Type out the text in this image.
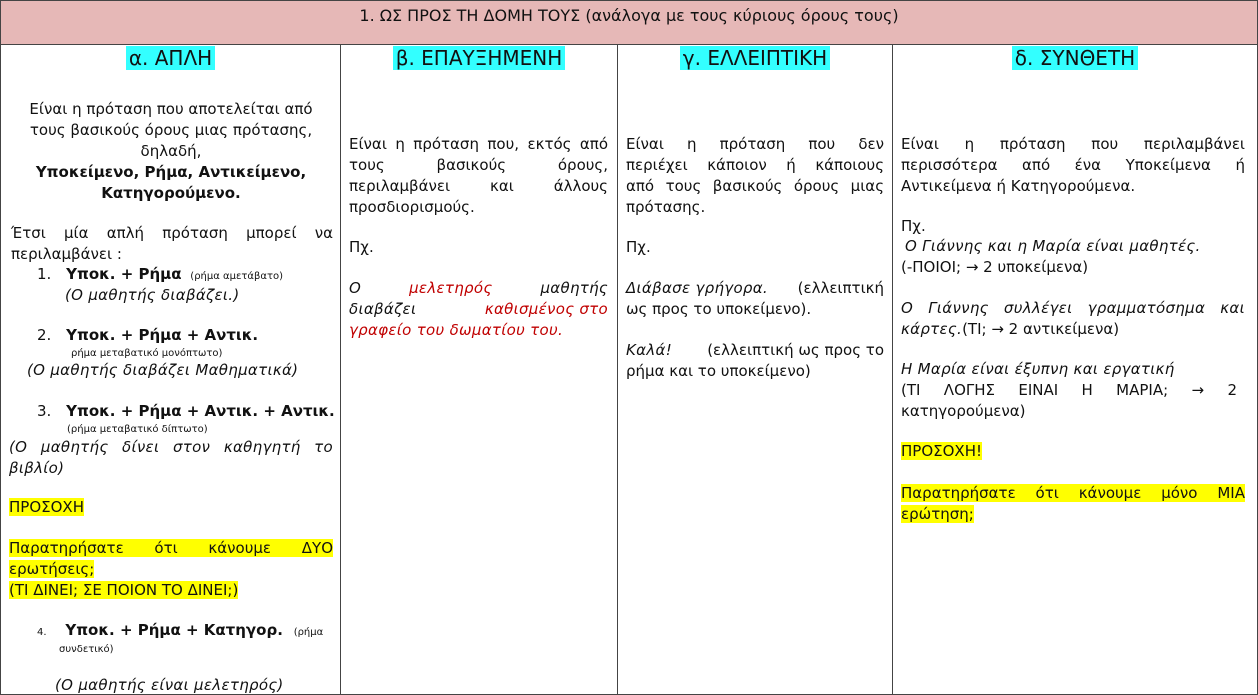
1. ΩΣ ΠΡΟΣ ΤΗ ΔΟΜΗ ΤΟΥΣ (ανάλογα με τους κύριους όρους τους)
α. ΑΠΛΗ
Είναι η πρόταση που αποτελείται από
τους βασικούς όρους μιας πρότασης,
δηλαδή,
Υποκείμενο, Ρήμα, Αντικείμενο,
Κατηγορούμενο.
Έτσι μία απλή πρόταση μπορεί να
περιλαμβάνει :
1. Υποκ. + Ρήμα (ρήμα αμετάβατο)
(Ο μαθητής διαβάζει.)
2. Υποκ. + Ρήμα + Αντικ.
ρήμα μεταβατικό μονόπτωτο)
(Ο μαθητής διαβάζει Μαθηματικά)
3. Υποκ. + Ρήμα + Αντικ. + Αντικ.
(ρήμα μεταβατικό δίπτωτο)
(Ο μαθητής δίνει στον καθηγητή το
βιβλίο)
ΠΡΟΣΟΧΗ
Παρατηρήσατε ότι κάνουμε ΔΥΟ
ερωτήσεις;
(ΤΙ ΔΙΝΕΙ; ΣΕ ΠΟΙΟΝ ΤΟ ΔΙΝΕΙ;)
4. Υποκ. + Ρήμα + Κατηγορ. (ρήμα
συνδετικό)
(Ο μαθητής είναι μελετηρός)
β. ΕΠΑΥΞΗΜΕΝΗ
Είναι η πρόταση που, εκτός από
τους βασικούς όρους,
περιλαμβάνει και άλλους
προσδιορισμούς.
Πχ.
Ο	μελετηρός	μαθητής
διαβάζει	καθισμένος στο
γραφείο του δωματίου του.
γ. ΕΛΛΕΙΠΤΙΚΗ
Είναι η πρόταση που δεν
περιέχει κάποιον ή κάποιους
από τους βασικούς όρους μιας
πρότασης.
Πχ.
Διάβασε γρήγορα. (ελλειπτική
ως προς το υποκείμενο).
Καλά! (ελλειπτική ως προς το
ρήμα και το υποκείμενο)
δ. ΣΥΝΘΕΤΗ
Είναι η πρόταση που περιλαμβάνει
περισσότερα από ένα Υποκείμενα ή
Αντικείμενα ή Κατηγορούμενα.
Πχ.
Ο Γιάννης και η Μαρία είναι μαθητές.
(-ΠΟΙΟΙ; → 2 υποκείμενα)
Ο Γιάννης συλλέγει γραμματόσημα και
κάρτες.(ΤΙ; → 2 αντικείμενα)
Η Μαρία είναι έξυπνη και εργατική
(ΤΙ ΛΟΓΗΣ ΕΙΝΑΙ Η ΜΑΡΙΑ; → 2
κατηγορούμενα)
ΠΡΟΣΟΧΗ!
Παρατηρήσατε ότι κάνουμε μόνο ΜΙΑ
ερώτηση;
